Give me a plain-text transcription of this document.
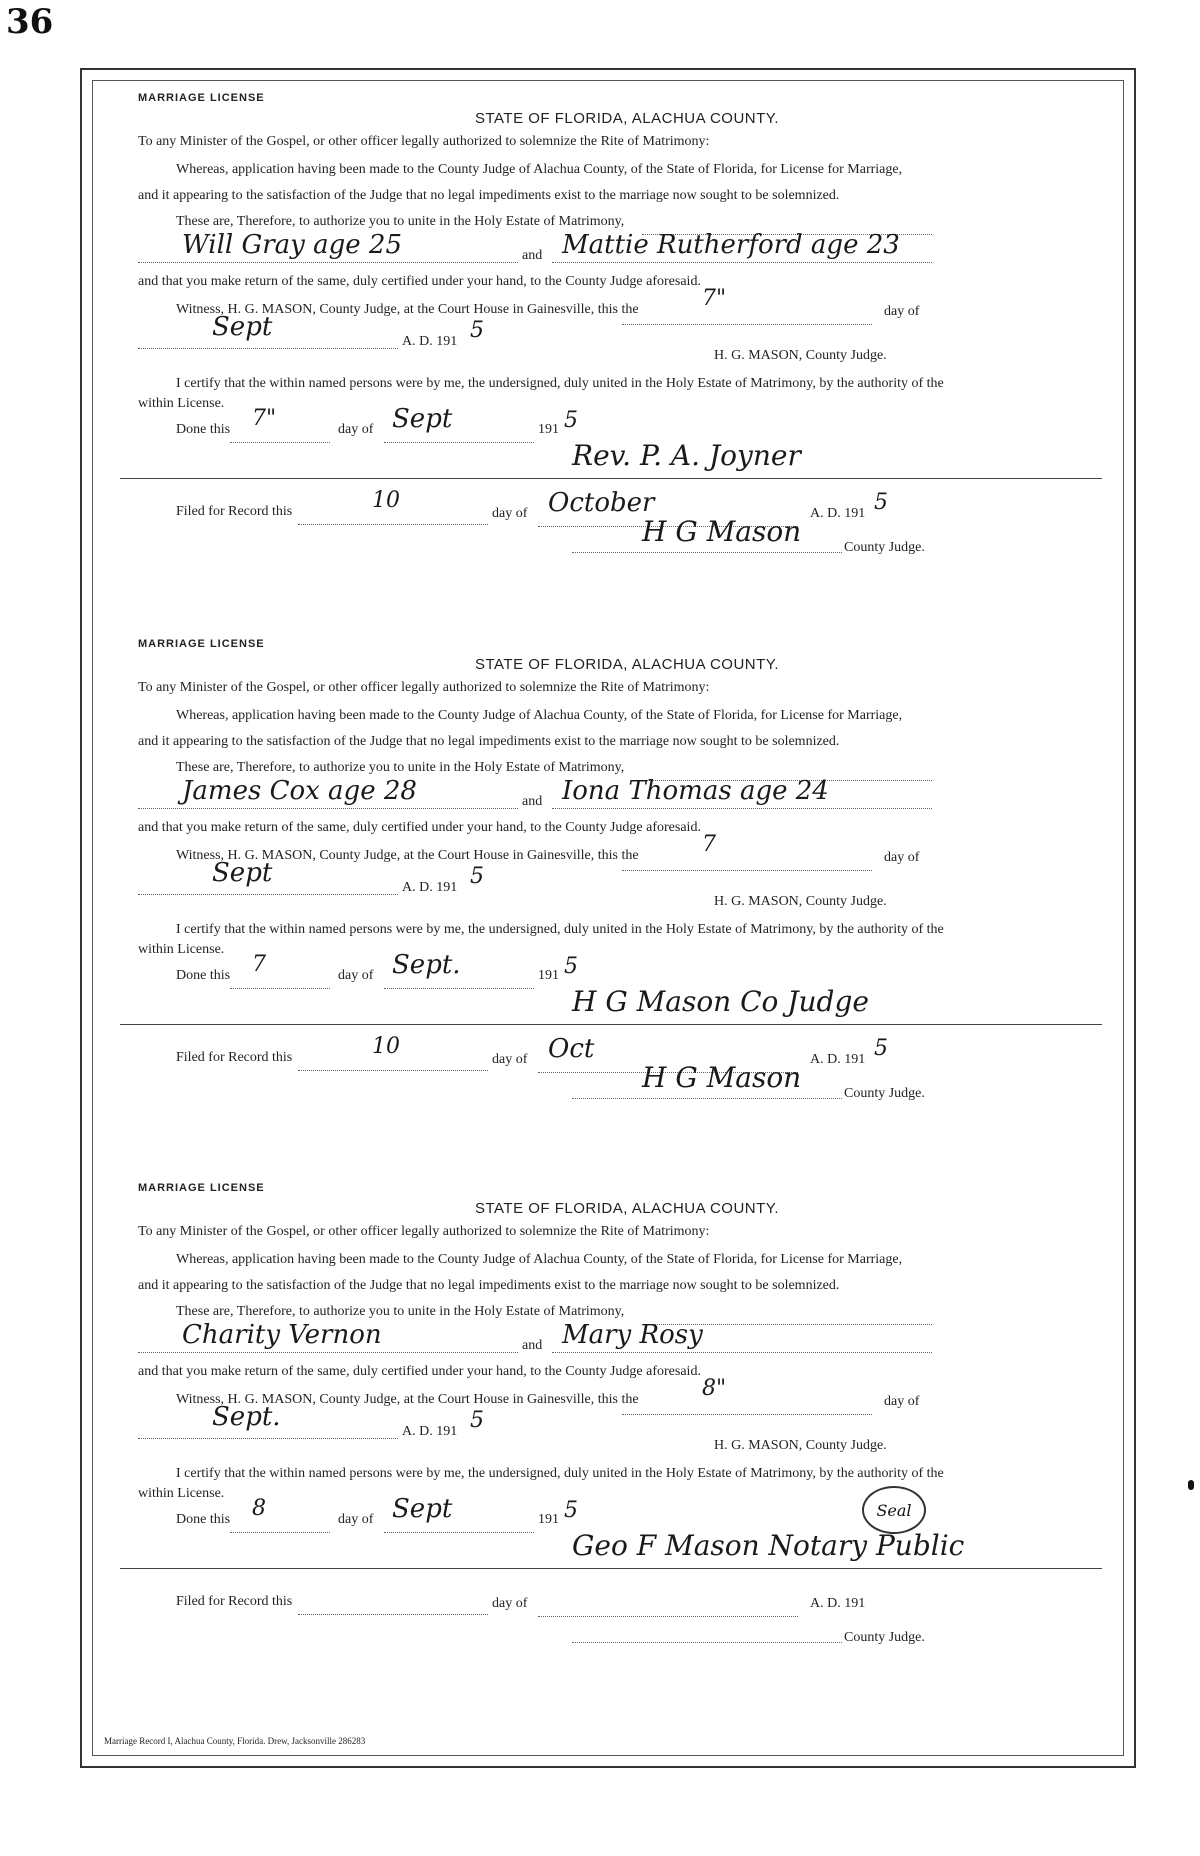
36
MARRIAGE LICENSE
STATE OF FLORIDA, ALACHUA COUNTY.
To any Minister of the Gospel, or other officer legally authorized to solemnize the Rite of Matrimony:
Whereas, application having been made to the County Judge of Alachua County, of the State of Florida, for License for Marriage,
and it appearing to the satisfaction of the Judge that no legal impediments exist to the marriage now sought to be solemnized.
These are, Therefore, to authorize you to unite in the Holy Estate of Matrimony,
Will Gray age 25	and Mattie Rutherford age 23
and that you make return of the same, duly certified under your hand, to the County Judge aforesaid.
Witness, H. G. MASON, County Judge, at the Court House in Gainesville, this the	7"
day of
Sept	A. D. 191 5
H. G. MASON, County Judge.
I certify that the within named persons were by me, the undersigned, duly united in the Holy Estate of Matrimony, by the authority of the
within License.
Done this 7"	day of Sept	191 5
Rev. P. A. Joyner
Filed for Record this	10
day of October	A. D. 191 5
H G Mason	County Judge.
MARRIAGE LICENSE
STATE OF FLORIDA, ALACHUA COUNTY.
To any Minister of the Gospel, or other officer legally authorized to solemnize the Rite of Matrimony:
Whereas, application having been made to the County Judge of Alachua County, of the State of Florida, for License for Marriage,
and it appearing to the satisfaction of the Judge that no legal impediments exist to the marriage now sought to be solemnized.
These are, Therefore, to authorize you to unite in the Holy Estate of Matrimony,
James Cox age 28	and Iona Thomas age 24
and that you make return of the same, duly certified under your hand, to the County Judge aforesaid.
Witness, H. G. MASON, County Judge, at the Court House in Gainesville, this the	7
day of
Sept	A. D. 191 5
H. G. MASON, County Judge.
I certify that the within named persons were by me, the undersigned, duly united in the Holy Estate of Matrimony, by the authority of the
within License.
Done this 7	day of Sept.	191 5
H G Mason Co Judge
Filed for Record this	10
day of Oct	A. D. 191 5
H G Mason	County Judge.
MARRIAGE LICENSE
STATE OF FLORIDA, ALACHUA COUNTY.
To any Minister of the Gospel, or other officer legally authorized to solemnize the Rite of Matrimony:
Whereas, application having been made to the County Judge of Alachua County, of the State of Florida, for License for Marriage,
and it appearing to the satisfaction of the Judge that no legal impediments exist to the marriage now sought to be solemnized.
These are, Therefore, to authorize you to unite in the Holy Estate of Matrimony,
Charity Vernon	and Mary Rosy
and that you make return of the same, duly certified under your hand, to the County Judge aforesaid.
Witness, H. G. MASON, County Judge, at the Court House in Gainesville, this the	8"
day of
Sept.	A. D. 191 5
H. G. MASON, County Judge.
I certify that the within named persons were by me, the undersigned, duly united in the Holy Estate of Matrimony, by the authority of the
within License.
Done this 8	day of Sept	191 5
Geo F Mason Notary Public
Filed for Record this	day of	A. D. 191
County Judge.
Seal
Marriage Record I, Alachua County, Florida. Drew, Jacksonville 286283
